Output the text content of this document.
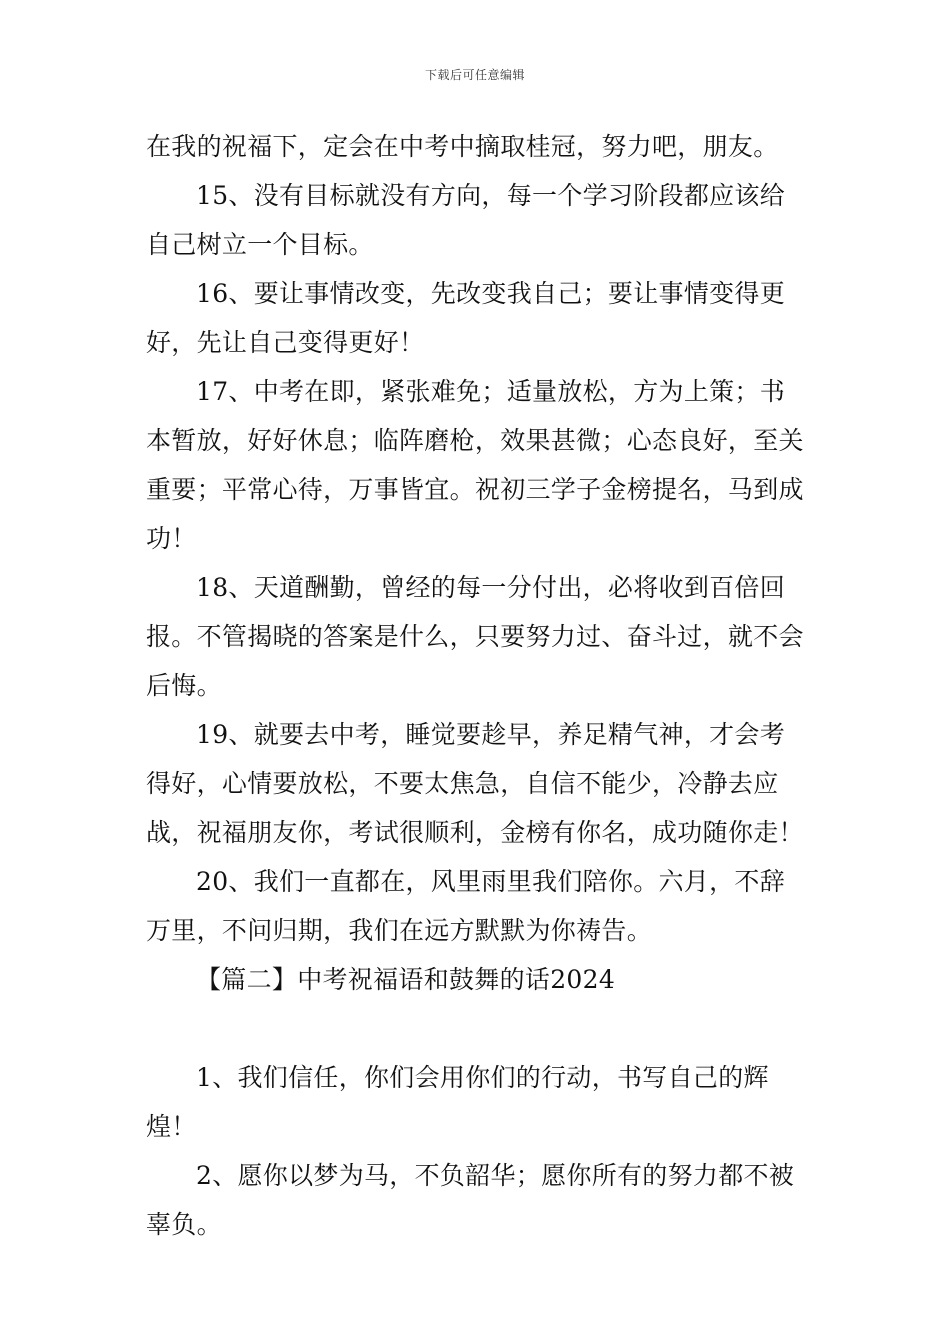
下载后可任意编辑

在我的祝福下，定会在中考中摘取桂冠，努力吧，朋友。

15、没有目标就没有方向，每一个学习阶段都应该给自己树立一个目标。

16、要让事情改变，先改变我自己；要让事情变得更好，先让自己变得更好！

17、中考在即，紧张难免；适量放松，方为上策；书本暂放，好好休息；临阵磨枪，效果甚微；心态良好，至关重要；平常心待，万事皆宜。祝初三学子金榜提名，马到成功！

18、天道酬勤，曾经的每一分付出，必将收到百倍回报。不管揭晓的答案是什么，只要努力过、奋斗过，就不会后悔。

19、就要去中考，睡觉要趁早，养足精气神，才会考得好，心情要放松，不要太焦急，自信不能少，冷静去应战，祝福朋友你，考试很顺利，金榜有你名，成功随你走！

20、我们一直都在，风里雨里我们陪你。六月，不辞万里，不问归期，我们在远方默默为你祷告。

【篇二】中考祝福语和鼓舞的话2024

1、我们信任，你们会用你们的行动，书写自己的辉煌！

2、愿你以梦为马，不负韶华；愿你所有的努力都不被辜负。
